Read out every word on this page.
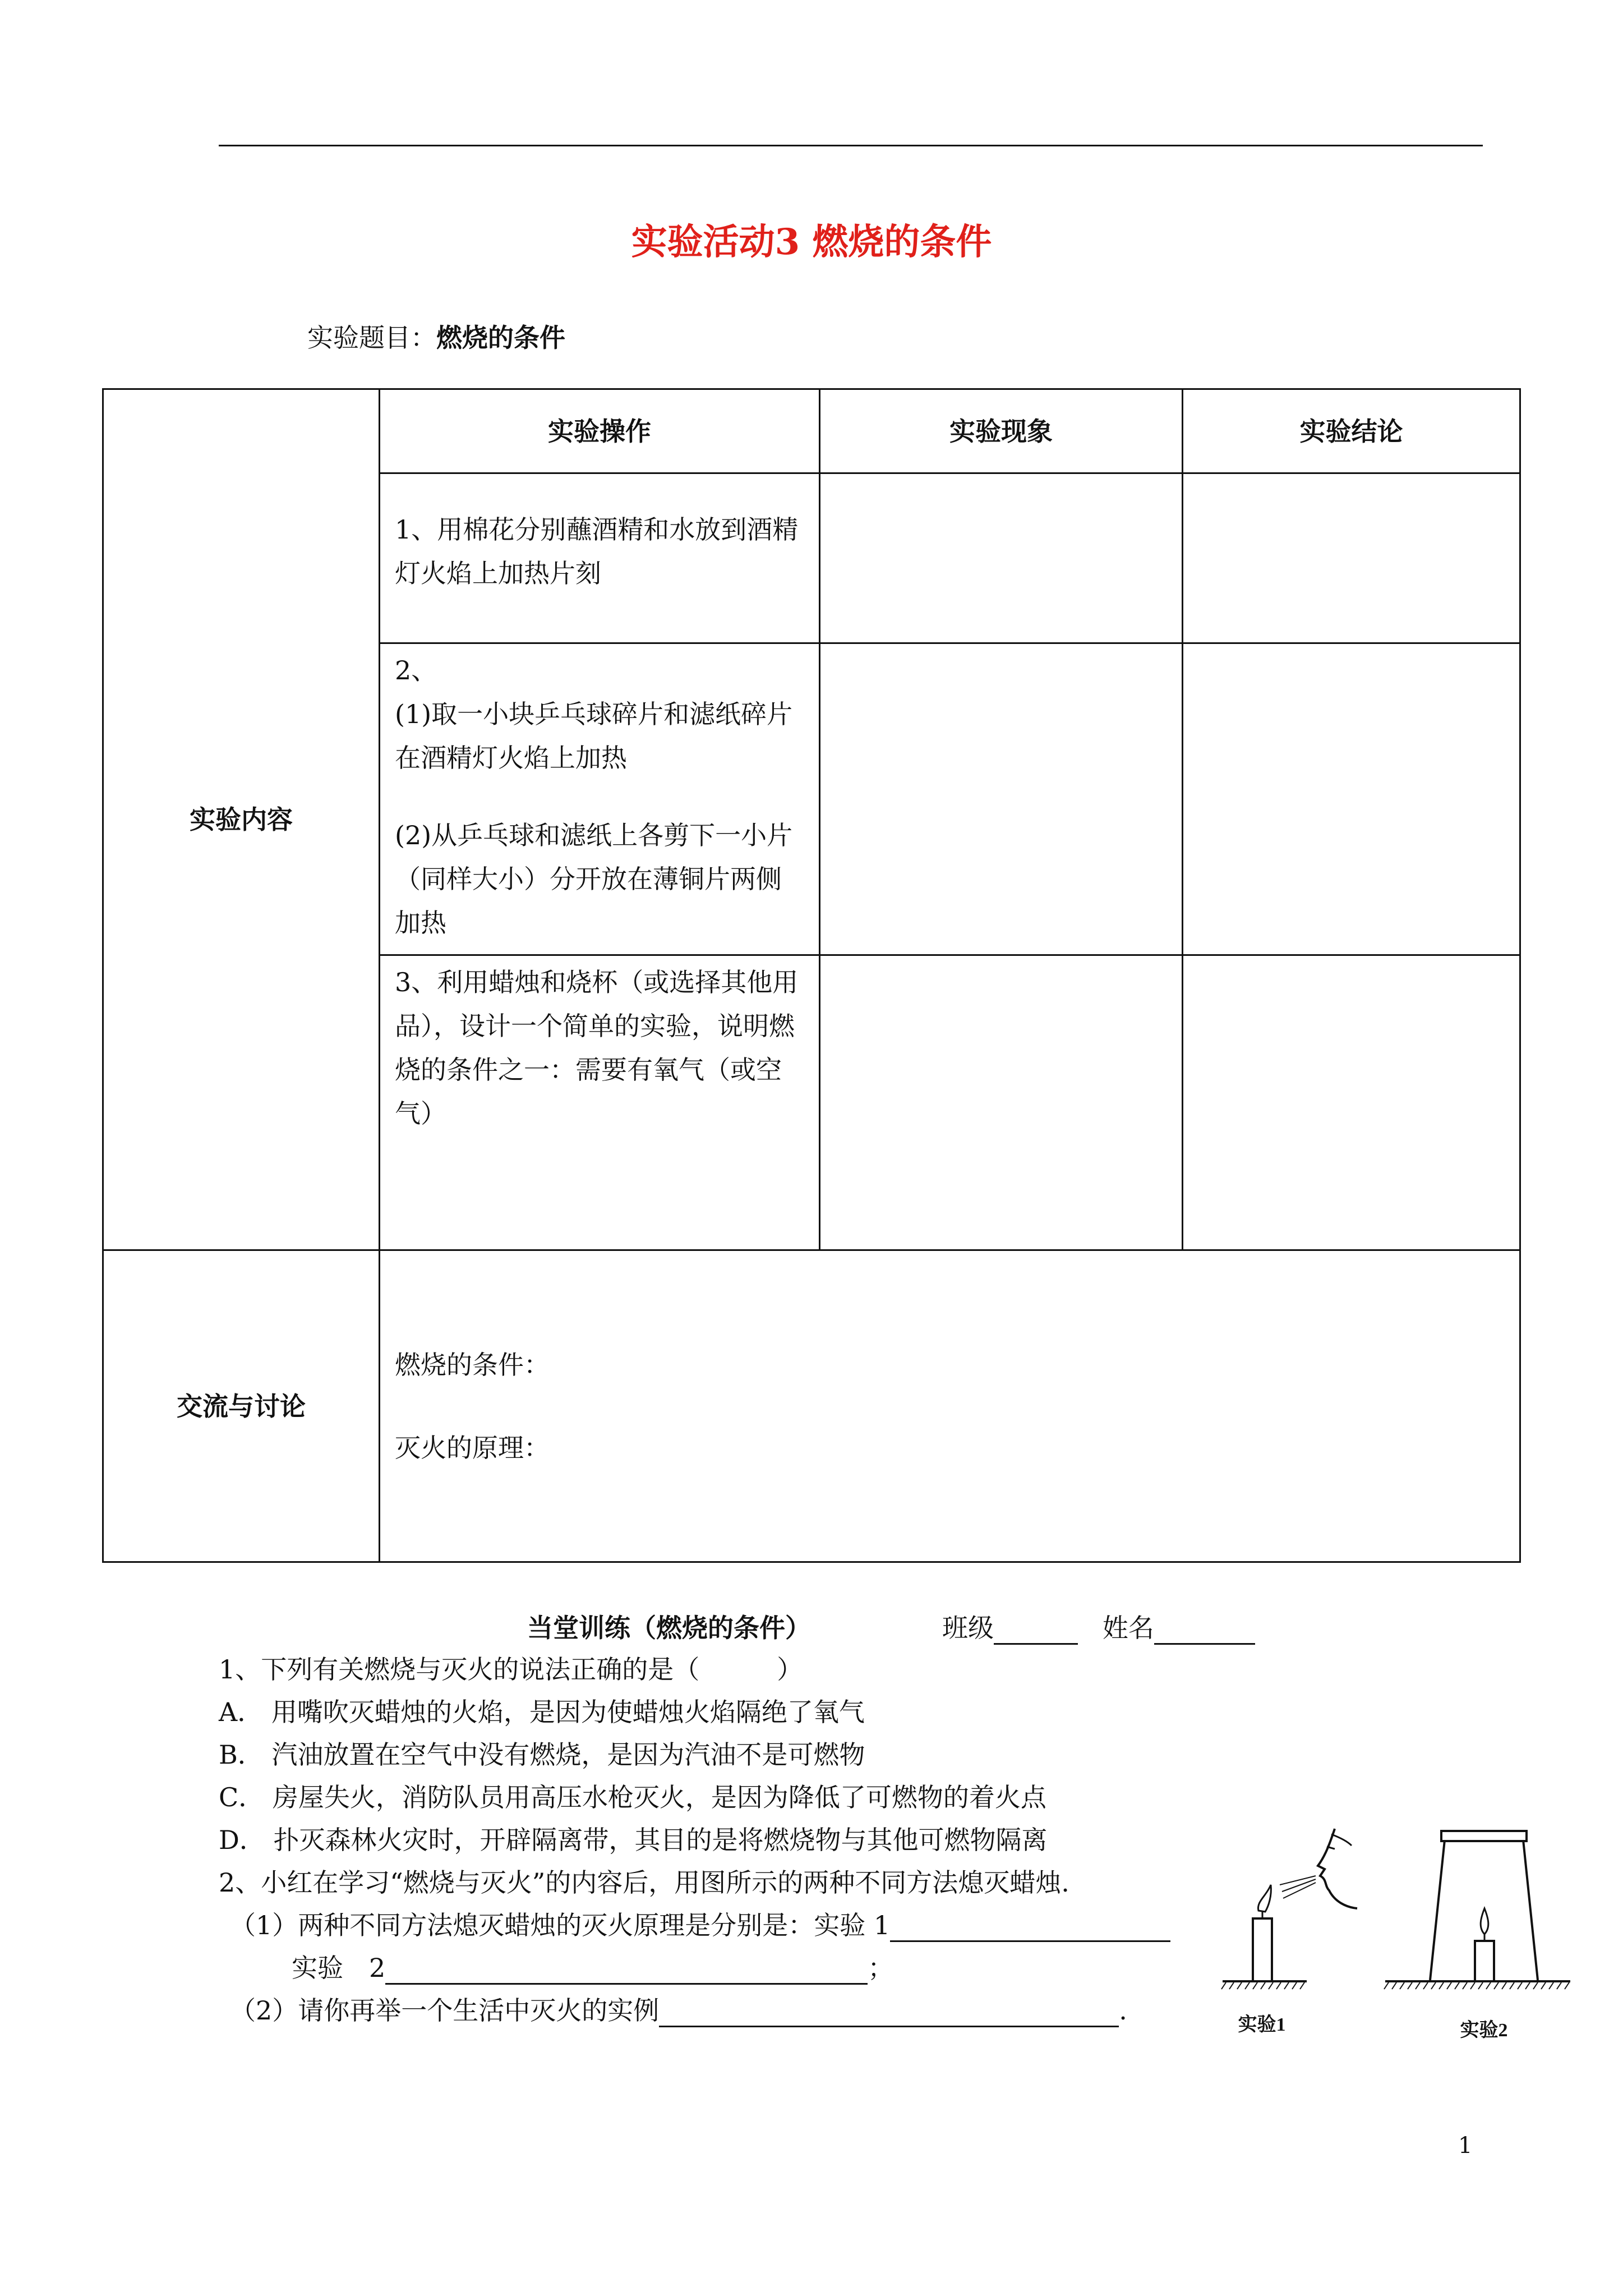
实验活动3 燃烧的条件
实验题目：燃烧的条件
实验内容	实验操作	实验现象	实验结论
	1、用棉花分别蘸酒精和水放到酒精灯火焰上加热片刻		

	2、
(1)取一小块乒乓球碎片和滤纸碎片在酒精灯火焰上加热
(2)从乒乓球和滤纸上各剪下一小片（同样大小）分开放在薄铜片两侧加热		

	3、利用蜡烛和烧杯（或选择其他用品），设计一个简单的实验，说明燃烧的条件之一：需要有氧气（或空气）		
交流与讨论	燃烧的条件：
灭火的原理：		
当堂训练（燃烧的条件）	班级	姓名
1、下列有关燃烧与灭火的说法正确的是（　　　）
A． 用嘴吹灭蜡烛的火焰，是因为使蜡烛火焰隔绝了氧气
B． 汽油放置在空气中没有燃烧，是因为汽油不是可燃物
C． 房屋失火，消防队员用高压水枪灭火，是因为降低了可燃物的着火点
D． 扑灭森林火灾时，开辟隔离带，其目的是将燃烧物与其他可燃物隔离
2、小红在学习“燃烧与灭火”的内容后，用图所示的两种不同方法熄灭蜡烛.
（1）两种不同方法熄灭蜡烛的灭火原理是分别是：实验 1
实验　2	；
（2）请你再举一个生活中灭火的实例	.	实验1	实验2
1
